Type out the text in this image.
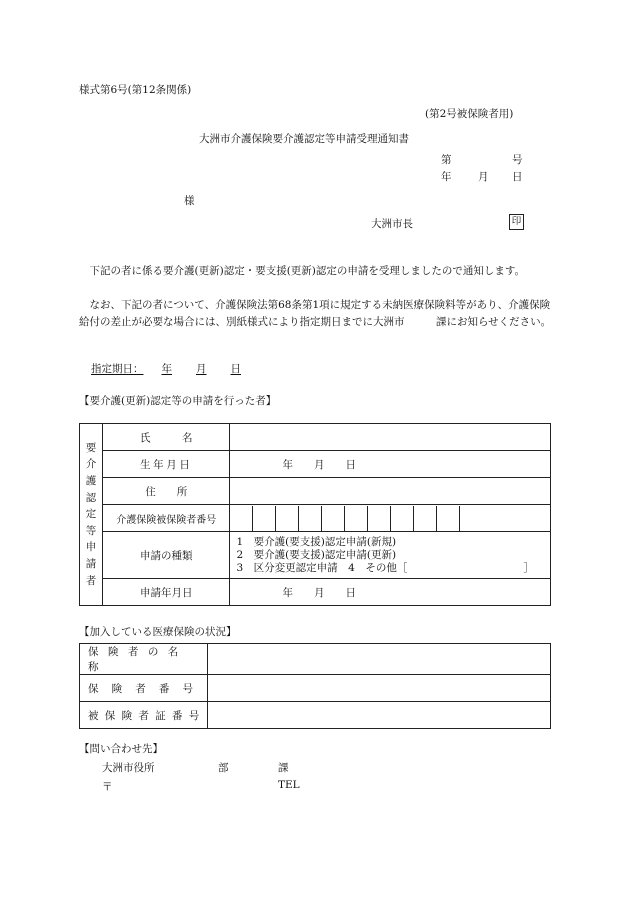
様式第6号(第12条関係)
(第2号被保険者用)
大洲市介護保険要介護認定等申請受理通知書
第	号
年	月 日
様
大洲市長	印
下記の者に係る要介護(更新)認定・要支援(更新)認定の申請を受理しましたので通知します。
なお、下記の者について、介護保険法第68条第1項に規定する未納医療保険料等があり、介護保険給付の差止が必要な場合には、別紙様式により指定期日までに大洲市　　　課にお知らせください。
指定期日： 年 月 日
【要介護(更新)認定等の申請を行った者】
要介護認定等申請者	氏　　　名	
	生年月日	年　　月　　日
	住　　所	
	介護保険被保険者番号	
	申請の種類	1　要介護(要支援)認定申請(新規)
2　要介護(要支援)認定申請(更新)
3　区分変更認定申請　4　その他［ ］

	申請年月日	年　　月　　日
【加入している医療保険の状況】
保険者の名称	
保険者番号	
被保険者証番号	
【問い合わせ先】
大洲市役所	部	課
〒	TEL
